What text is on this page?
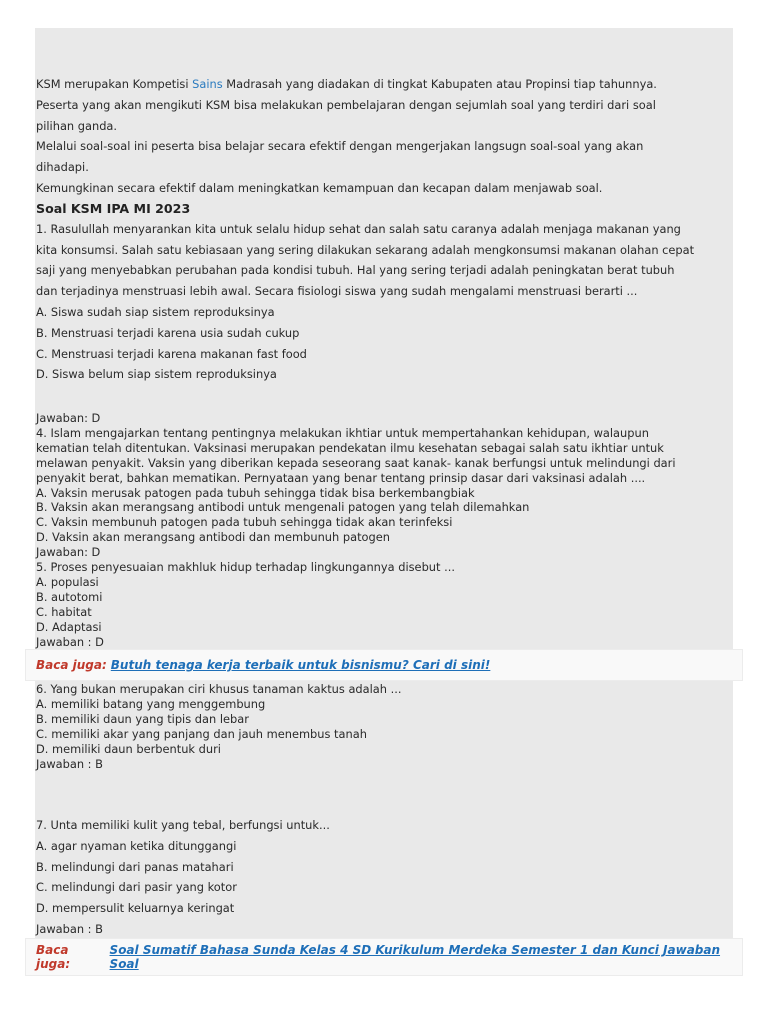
KSM merupakan Kompetisi Sains Madrasah yang diadakan di tingkat Kabupaten atau Propinsi tiap tahunnya.

Peserta yang akan mengikuti KSM bisa melakukan pembelajaran dengan sejumlah soal yang terdiri dari soal

pilihan ganda.

Melalui soal-soal ini peserta bisa belajar secara efektif dengan mengerjakan langsugn soal-soal yang akan

dihadapi.

Kemungkinan secara efektif dalam meningkatkan kemampuan dan kecapan dalam menjawab soal.

Soal KSM IPA MI 2023

1. Rasulullah menyarankan kita untuk selalu hidup sehat dan salah satu caranya adalah menjaga makanan yang

kita konsumsi. Salah satu kebiasaan yang sering dilakukan sekarang adalah mengkonsumsi makanan olahan cepat

saji yang menyebabkan perubahan pada kondisi tubuh. Hal yang sering terjadi adalah peningkatan berat tubuh

dan terjadinya menstruasi lebih awal. Secara fisiologi siswa yang sudah mengalami menstruasi berarti ...

A. Siswa sudah siap sistem reproduksinya

B. Menstruasi terjadi karena usia sudah cukup

C. Menstruasi terjadi karena makanan fast food

D. Siswa belum siap sistem reproduksinya

Jawaban: D

4. Islam mengajarkan tentang pentingnya melakukan ikhtiar untuk mempertahankan kehidupan, walaupun

kematian telah ditentukan. Vaksinasi merupakan pendekatan ilmu kesehatan sebagai salah satu ikhtiar untuk

melawan penyakit. Vaksin yang diberikan kepada seseorang saat kanak- kanak berfungsi untuk melindungi dari

penyakit berat, bahkan mematikan. Pernyataan yang benar tentang prinsip dasar dari vaksinasi adalah ....

A. Vaksin merusak patogen pada tubuh sehingga tidak bisa berkembangbiak

B. Vaksin akan merangsang antibodi untuk mengenali patogen yang telah dilemahkan

C. Vaksin membunuh patogen pada tubuh sehingga tidak akan terinfeksi

D. Vaksin akan merangsang antibodi dan membunuh patogen

Jawaban: D

5. Proses penyesuaian makhluk hidup terhadap lingkungannya disebut ...

A. populasi

B. autotomi

C. habitat

D. Adaptasi

Jawaban : D

Baca juga: Butuh tenaga kerja terbaik untuk bisnismu? Cari di sini!

6. Yang bukan merupakan ciri khusus tanaman kaktus adalah ...

A. memiliki batang yang menggembung

B. memiliki daun yang tipis dan lebar

C. memiliki akar yang panjang dan jauh menembus tanah

D. memiliki daun berbentuk duri

Jawaban : B

7. Unta memiliki kulit yang tebal, berfungsi untuk...

A. agar nyaman ketika ditunggangi

B. melindungi dari panas matahari

C. melindungi dari pasir yang kotor

D. mempersulit keluarnya keringat

Jawaban : B

Baca juga:
Soal Sumatif Bahasa Sunda Kelas 4 SD Kurikulum Merdeka Semester 1 dan Kunci Jawaban Soal
